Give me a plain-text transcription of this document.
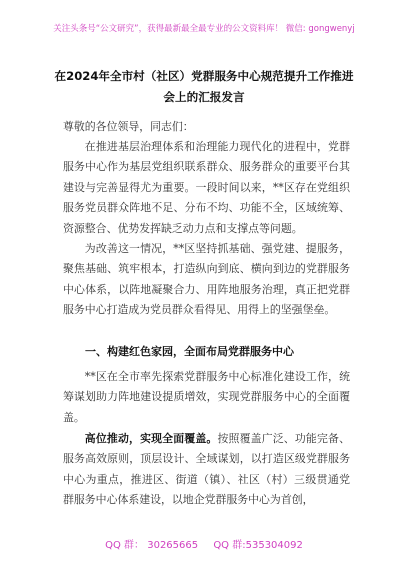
关注头条号“公文研究”，获得最新最全最专业的公文资料库！ 微信: gongwenyj
在2024年全市村（社区）党群服务中心规范提升工作推进
会上的汇报发言

尊敬的各位领导，同志们：

在推进基层治理体系和治理能力现代化的进程中，党群服务中心作为基层党组织联系群众、服务群众的重要平台其建设与完善显得尤为重要。一段时间以来，**区存在党组织服务党员群众阵地不足、分布不均、功能不全，区域统筹、资源整合、优势发挥缺乏动力点和支撑点等问题。

为改善这一情况，**区坚持抓基础、强党建、提服务，聚焦基础、筑牢根本，打造纵向到底、横向到边的党群服务中心体系，以阵地凝聚合力、用阵地服务治理，真正把党群服务中心打造成为党员群众看得见、用得上的坚强堡垒。

一、构建红色家园，全面布局党群服务中心

**区在全市率先探索党群服务中心标准化建设工作，统筹谋划助力阵地建设提质增效，实现党群服务中心的全面覆盖。

高位推动，实现全面覆盖。按照覆盖广泛、功能完备、服务高效原则，顶层设计、全域谋划，以打造区级党群服务中心为重点，推进区、街道（镇）、社区（村）三级贯通党群服务中心体系建设，以地企党群服务中心为首创，

QQ 群： 30265665 QQ 群:535304092
